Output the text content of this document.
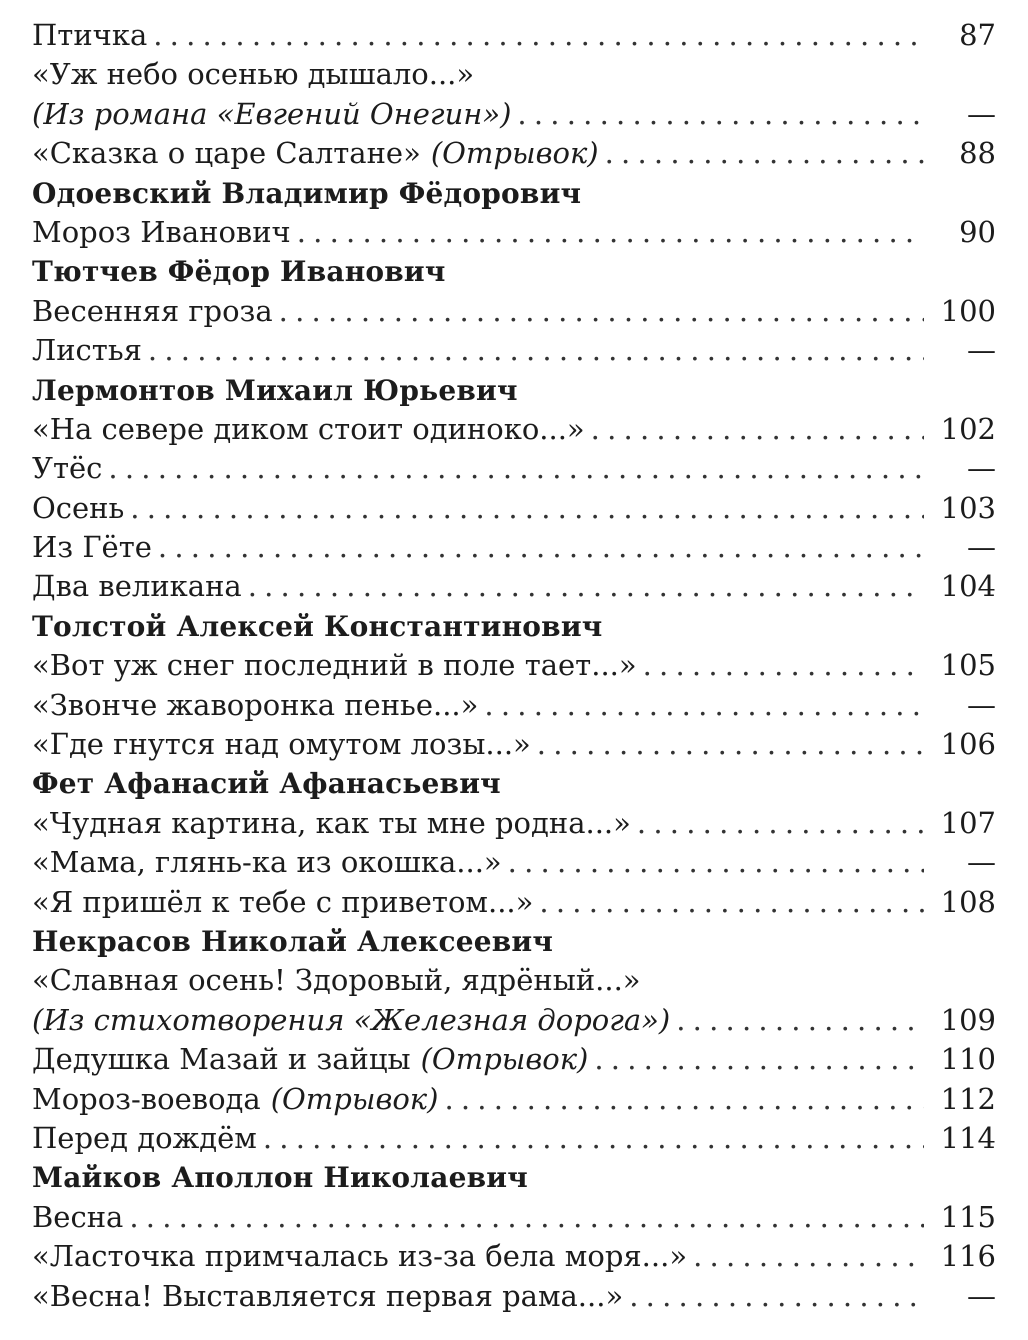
Птичка . . .	87
«Уж небо осенью дышало...»
(Из романа «Евгений Онегин») . . .	—
«Сказка о царе Салтане» (Отрывок) . . .	88
Одоевский Владимир Фёдорович
Мороз Иванович . . .	90
Тютчев Фёдор Иванович
Весенняя гроза . . .	100
Листья . . .	—
Лермонтов Михаил Юрьевич
«На севере диком стоит одиноко...» . . .	102
Утёс . . .	—
Осень . . .	103
Из Гёте . . .	—
Два великана . . .	104
Толстой Алексей Константинович
«Вот уж снег последний в поле тает...» . . .	105
«Звонче жаворонка пенье...» . . .	—
«Где гнутся над омутом лозы...» . . .	106
Фет Афанасий Афанасьевич
«Чудная картина, как ты мне родна...» . . .	107
«Мама, глянь-ка из окошка...» . . .	—
«Я пришёл к тебе с приветом...» . . .	108
Некрасов Николай Алексеевич
«Славная осень! Здоровый, ядрёный...»
(Из стихотворения «Железная дорога») . . .	109
Дедушка Мазай и зайцы (Отрывок) . . .	110
Мороз-воевода (Отрывок) . . .	112
Перед дождём . . .	114
Майков Аполлон Николаевич
Весна . . .	115
«Ласточка примчалась из-за бела моря...» . . .	116
«Весна! Выставляется первая рама...» . . .	—
